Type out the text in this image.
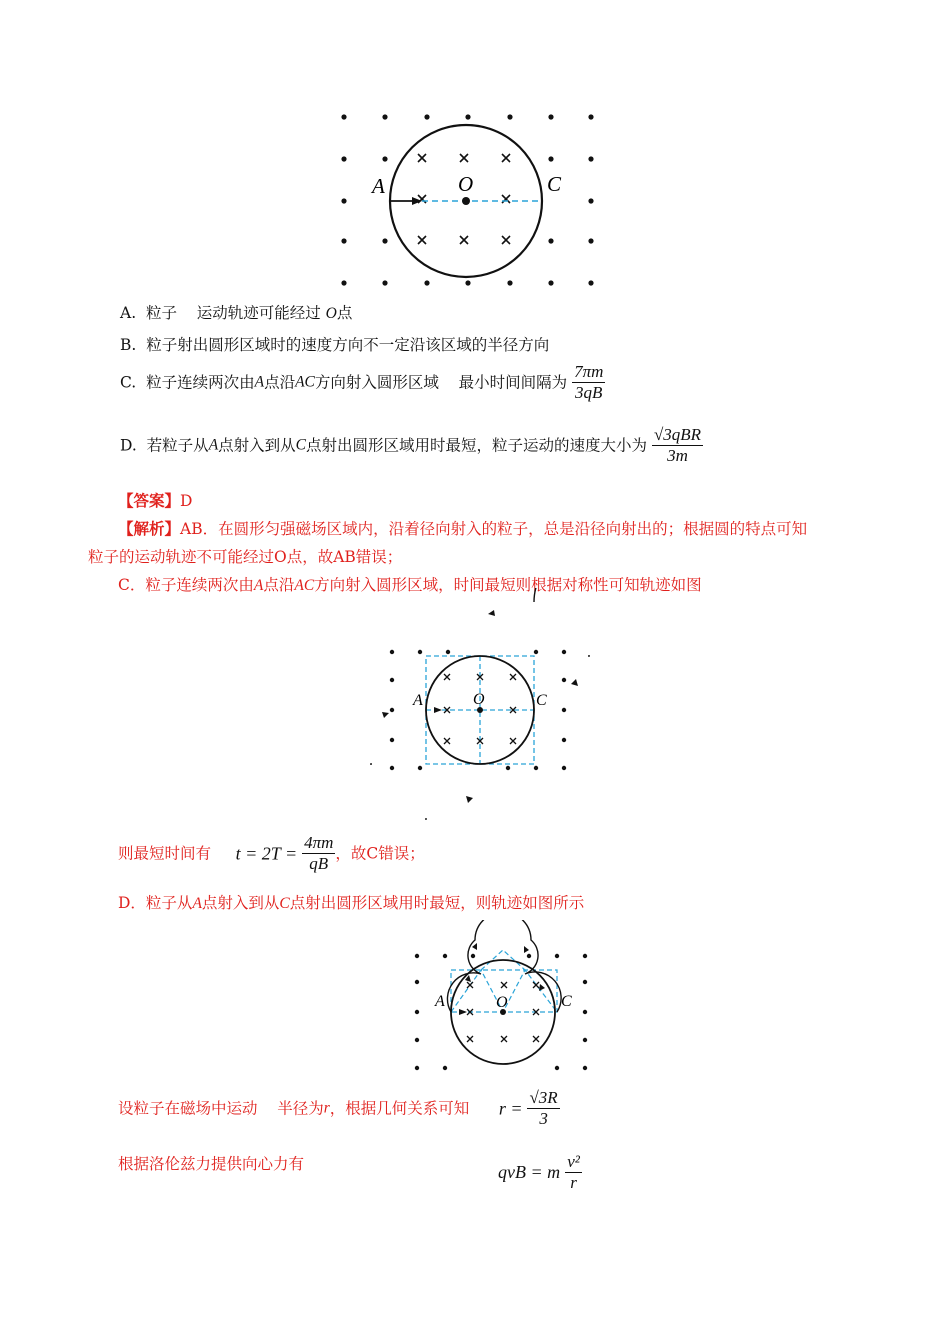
A	O	C
A. 粒子 运动轨迹可能经过 O点
B. 粒子射出圆形区域时的速度方向不一定沿该区域的半径方向
C. 粒子连续两次由A点沿AC方向射入圆形区域 最小时间间隔为 $\frac{7\pi m}{3qB}$
D. 若粒子从A点射入到从C点射出圆形区域用时最短，粒子运动的速度大小为 $\frac{\text{√3qBR}}{3m}$
【答案】D
【解析】AB．在圆形匀强磁场区域内，沿着径向射入的粒子，总是沿径向射出的；根据圆的特点可知
粒子的运动轨迹不可能经过O点，故AB错误；
C．粒子连续两次由A点沿AC方向射入圆形区域，时间最短则根据对称性可知轨迹如图
A	O	C
则最短时间有 $t = 2T = \frac{4\pi m}{qB}$ ，故C错误；
D．粒子从A点射入到从C点射出圆形区域用时最短，则轨迹如图所示
A	O	C
设粒子在磁场中运动 半径为r，根据几何关系可知 $r = \frac{√3R}{3}$
根据洛伦兹力提供向心力有	qvB = m $\frac{\text{v²}}{r}$
